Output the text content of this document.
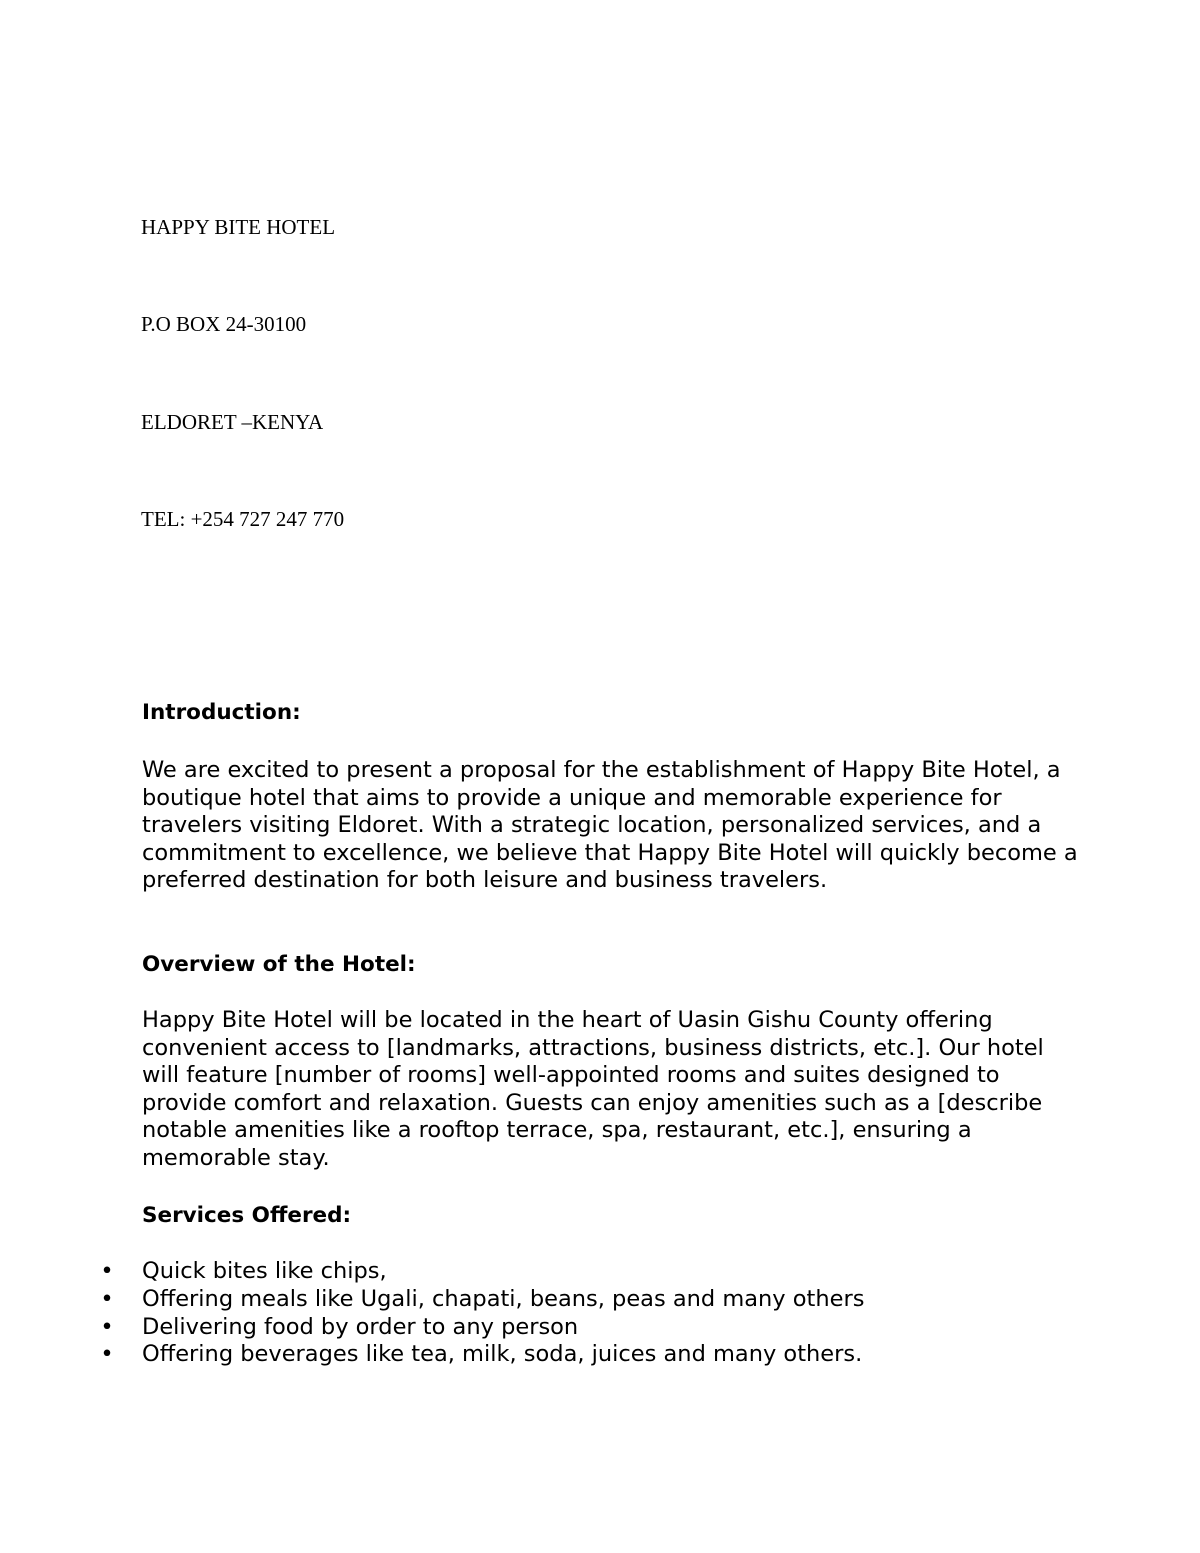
HAPPY BITE HOTEL
P.O BOX 24-30100
ELDORET –KENYA
TEL: +254 727 247 770
Introduction:

We are excited to present a proposal for the establishment of Happy Bite Hotel, a boutique hotel that aims to provide a unique and memorable experience for travelers visiting Eldoret. With a strategic location, personalized services, and a commitment to excellence, we believe that Happy Bite Hotel will quickly become a preferred destination for both leisure and business travelers.

Overview of the Hotel:

Happy Bite Hotel will be located in the heart of Uasin Gishu County offering convenient access to [landmarks, attractions, business districts, etc.]. Our hotel will feature [number of rooms] well-appointed rooms and suites designed to provide comfort and relaxation. Guests can enjoy amenities such as a [describe notable amenities like a rooftop terrace, spa, restaurant, etc.], ensuring a memorable stay.

Services Offered:
• Quick bites like chips,
• Offering meals like Ugali, chapati, beans, peas and many others
• Delivering food by order to any person
• Offering beverages like tea, milk, soda, juices and many others.
